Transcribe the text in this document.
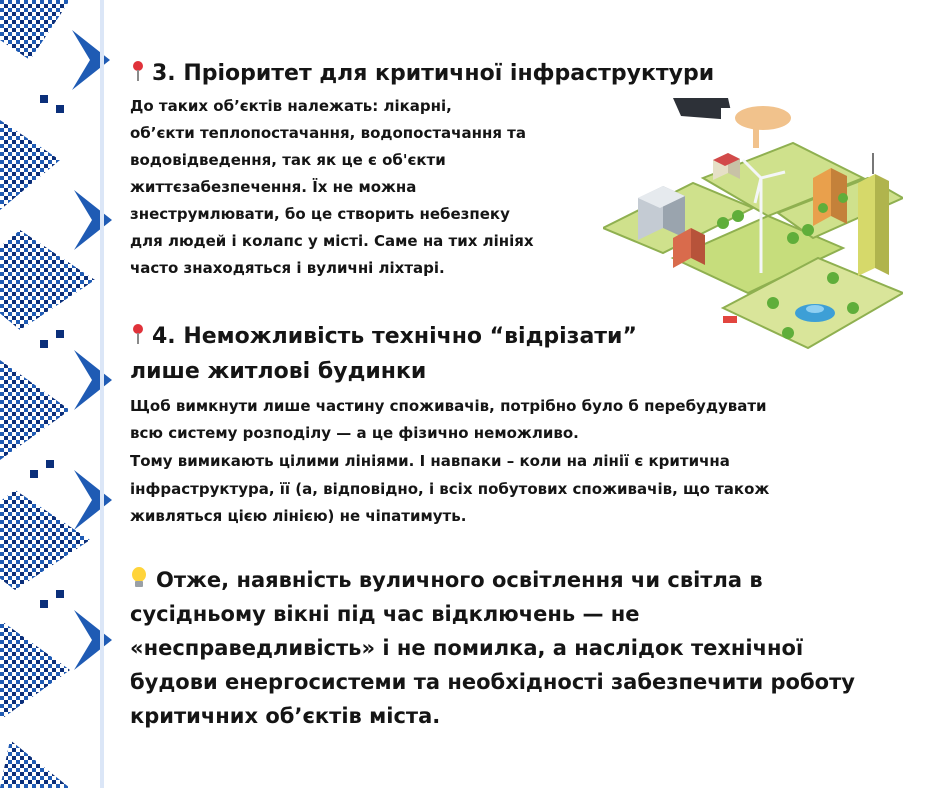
3. Пріоритет для критичної інфраструктури

До таких об’єктів належать: лікарні,

об’єкти теплопостачання, водопостачання та

водовідведення, так як це є об'єкти

життєзабезпечення. Їх не можна

знеструмлювати, бо це створить небезпеку

для людей і колапс у місті. Саме на тих лініях

часто знаходяться і вуличні ліхтарі.

4. Неможливість технічно “відрізати”
лише житлові будинки

Щоб вимкнути лише частину споживачів, потрібно було б перебудувати

всю систему розподілу — а це фізично неможливо.

Тому вимикають цілими лініями. І навпаки – коли на лінії є критична

інфраструктура, її (а, відповідно, і всіх побутових споживачів, що також

живляться цією лінією) не чіпатимуть.

Отже, наявність вуличного освітлення чи світла в

сусідньому вікні під час відключень — не

«несправедливість» і не помилка, а наслідок технічної

будови енергосистеми та необхідності забезпечити роботу

критичних об’єктів міста.
